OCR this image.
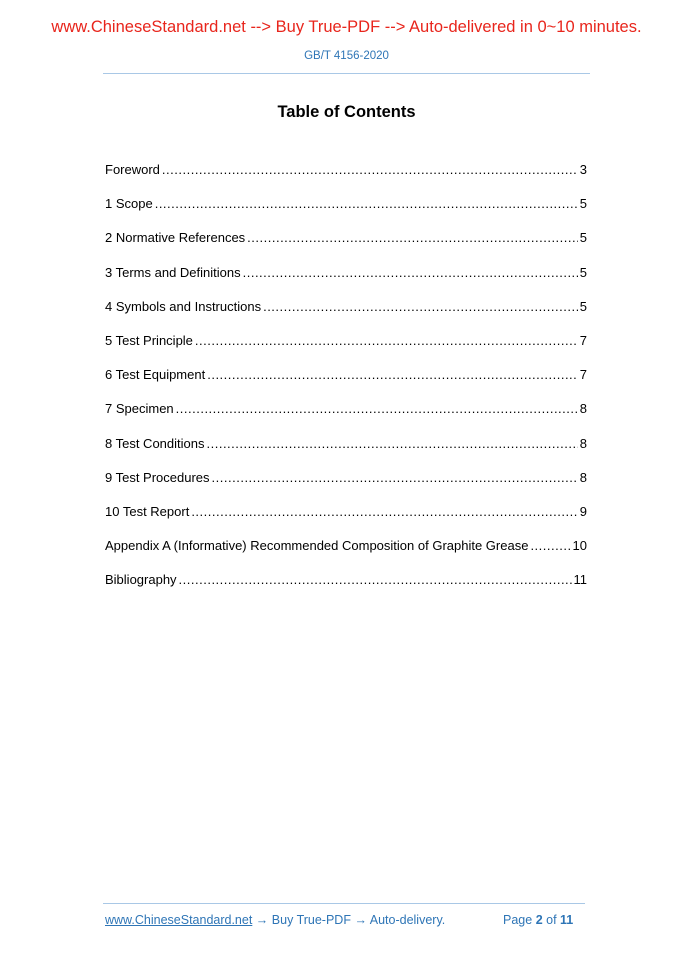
www.ChineseStandard.net --> Buy True-PDF --> Auto-delivered in 0~10 minutes.
GB/T 4156-2020
Table of Contents
Foreword .....	3
1 Scope .....	5
2 Normative References .....	5
3 Terms and Definitions .....	5
4 Symbols and Instructions .....	5
5 Test Principle .....	7
6 Test Equipment .....	7
7 Specimen .....	8
8 Test Conditions .....	8
9 Test Procedures .....	8
10 Test Report .....	9
Appendix A (Informative) Recommended Composition of Graphite Grease .....	10
Bibliography .....	11
www.ChineseStandard.net → Buy True-PDF → Auto-delivery.	Page 2 of 11
